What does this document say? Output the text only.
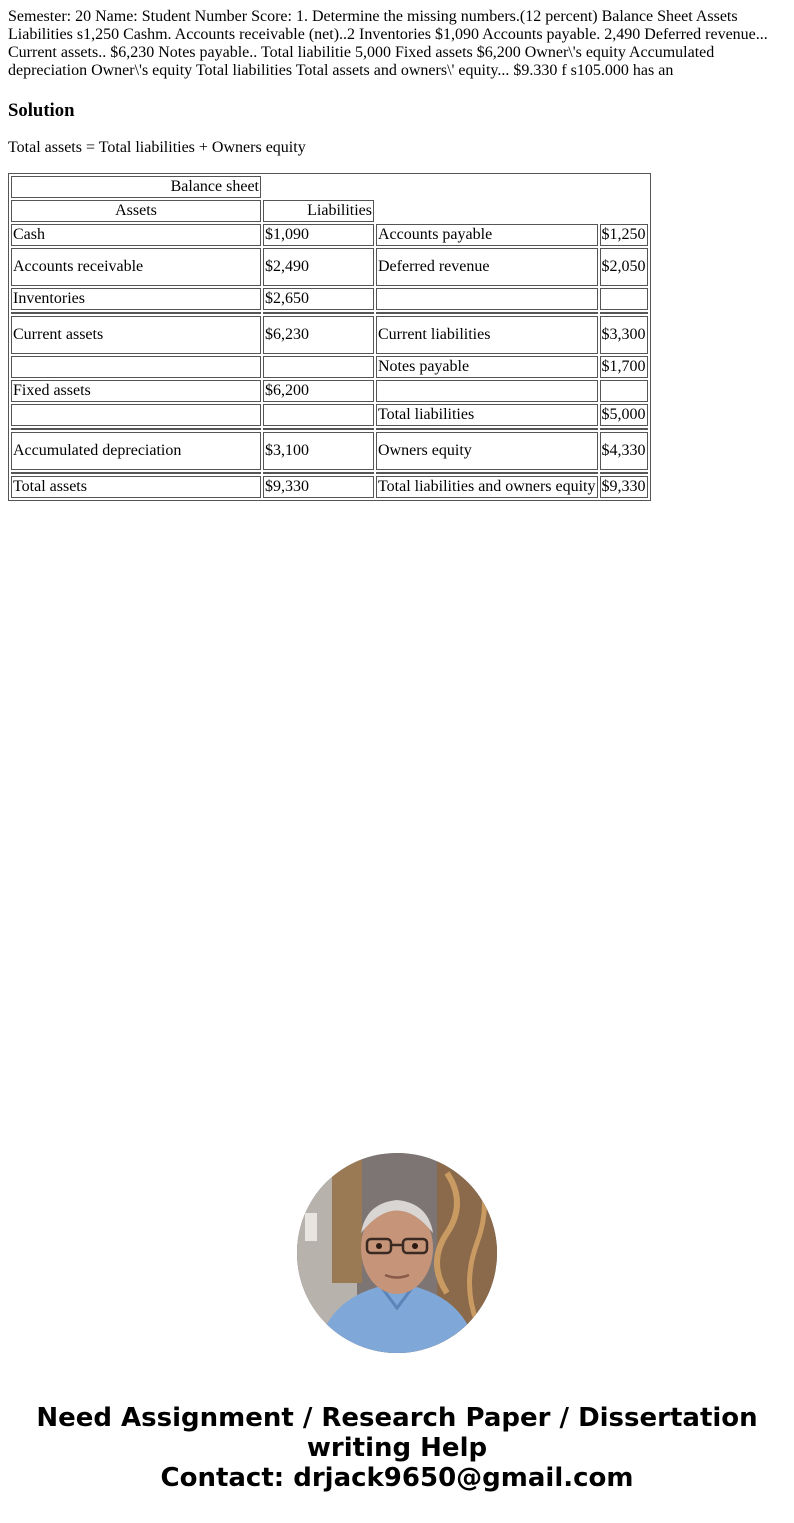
Semester: 20 Name: Student Number Score: 1. Determine the missing numbers.(12 percent) Balance Sheet Assets Liabilities s1,250 Cashm. Accounts receivable (net)..2 Inventories $1,090 Accounts payable. 2,490 Deferred revenue... Current assets.. $6,230 Notes payable.. Total liabilitie 5,000 Fixed assets $6,200 Owner\'s equity Accumulated depreciation Owner\'s equity Total liabilities Total assets and owners\' equity... $9.330 f s105.000 has an

Solution

Total assets = Total liabilities + Owners equity

Balance sheet			
Assets	Liabilities		
Cash	$1,090	Accounts payable	$1,250
Accounts receivable	$2,490	Deferred revenue	$2,050
Inventories	$2,650		

Current assets	$6,230	Current liabilities	$3,300
		Notes payable	$1,700
Fixed assets	$6,200		
		Total liabilities	$5,000

Accumulated depreciation	$3,100	Owners equity	$4,330

Total assets	$9,330	Total liabilities and owners equity	$9,330
Need Assignment / Research Paper / Dissertation
writing Help
Contact: drjack9650@gmail.com
